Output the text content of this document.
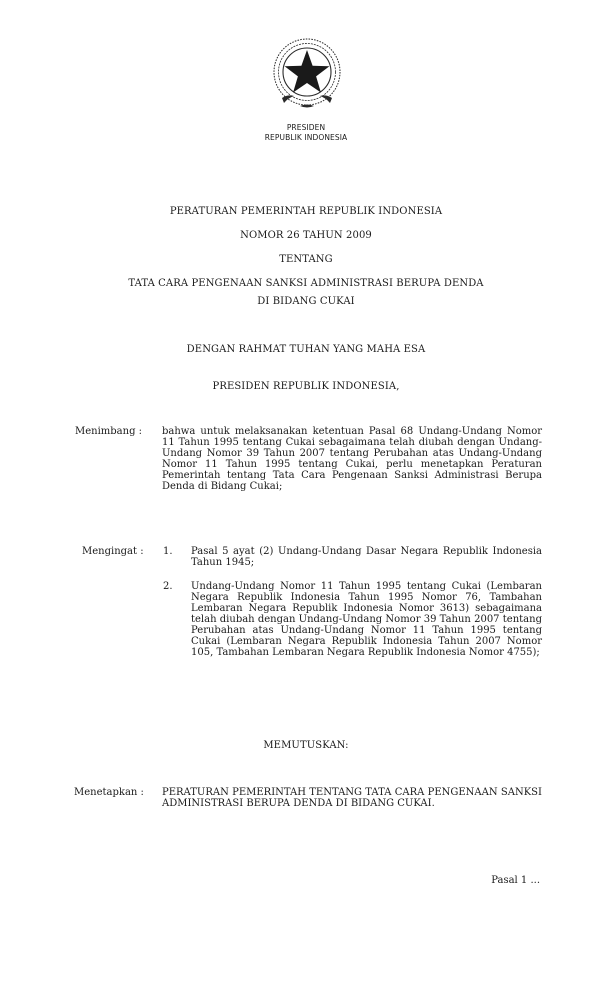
PRESIDEN
REPUBLIK INDONESIA
PERATURAN PEMERINTAH REPUBLIK INDONESIA
NOMOR 26 TAHUN 2009
TENTANG
TATA CARA PENGENAAN SANKSI ADMINISTRASI BERUPA DENDA
DI BIDANG CUKAI
DENGAN RAHMAT TUHAN YANG MAHA ESA
PRESIDEN REPUBLIK INDONESIA,
Menimbang : bahwa untuk melaksanakan ketentuan Pasal 68 Undang-Undang Nomor 11 Tahun 1995 tentang Cukai sebagaimana telah diubah dengan Undang-Undang Nomor 39 Tahun 2007 tentang Perubahan atas Undang-Undang Nomor 11 Tahun 1995 tentang Cukai, perlu menetapkan Peraturan Pemerintah tentang Tata Cara Pengenaan Sanksi Administrasi Berupa Denda di Bidang Cukai;
Mengingat : 1. Pasal 5 ayat (2) Undang-Undang Dasar Negara Republik Indonesia Tahun 1945;
2. Undang-Undang Nomor 11 Tahun 1995 tentang Cukai (Lembaran Negara Republik Indonesia Tahun 1995 Nomor 76, Tambahan Lembaran Negara Republik Indonesia Nomor 3613) sebagaimana telah diubah dengan Undang-Undang Nomor 39 Tahun 2007 tentang Perubahan atas Undang-Undang Nomor 11 Tahun 1995 tentang Cukai (Lembaran Negara Republik Indonesia Tahun 2007 Nomor 105, Tambahan Lembaran Negara Republik Indonesia Nomor 4755);
MEMUTUSKAN:
Menetapkan : PERATURAN PEMERINTAH TENTANG TATA CARA PENGENAAN SANKSI ADMINISTRASI BERUPA DENDA DI BIDANG CUKAI.
Pasal 1 ...
